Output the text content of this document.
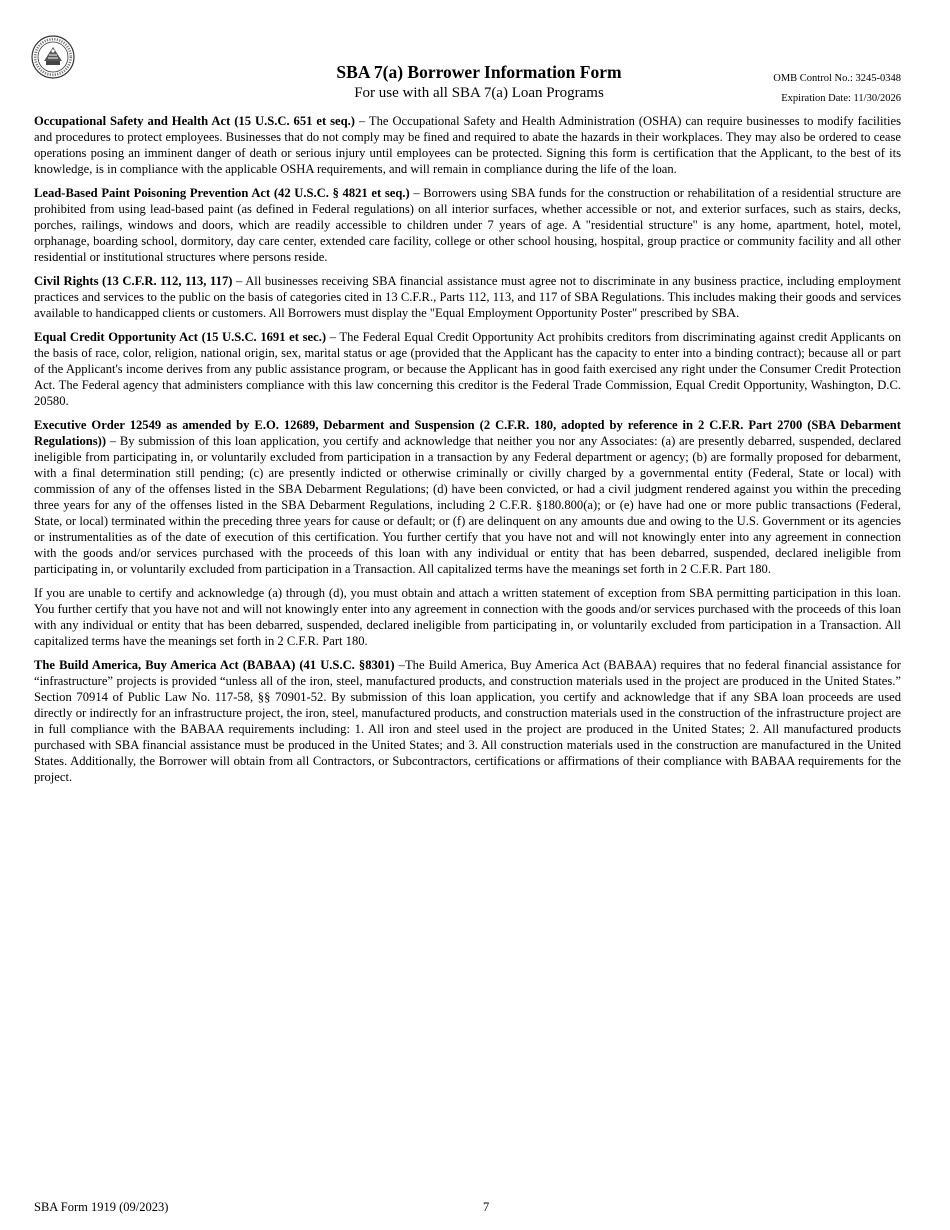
SBA 7(a) Borrower Information Form
For use with all SBA 7(a) Loan Programs
OMB Control No.: 3245-0348
Expiration Date: 11/30/2026

Occupational Safety and Health Act (15 U.S.C. 651 et seq.) – The Occupational Safety and Health Administration (OSHA) can require businesses to modify facilities and procedures to protect employees. Businesses that do not comply may be fined and required to abate the hazards in their workplaces. They may also be ordered to cease operations posing an imminent danger of death or serious injury until employees can be protected. Signing this form is certification that the Applicant, to the best of its knowledge, is in compliance with the applicable OSHA requirements, and will remain in compliance during the life of the loan.

Lead-Based Paint Poisoning Prevention Act (42 U.S.C. § 4821 et seq.) – Borrowers using SBA funds for the construction or rehabilitation of a residential structure are prohibited from using lead-based paint (as defined in Federal regulations) on all interior surfaces, whether accessible or not, and exterior surfaces, such as stairs, decks, porches, railings, windows and doors, which are readily accessible to children under 7 years of age. A "residential structure" is any home, apartment, hotel, motel, orphanage, boarding school, dormitory, day care center, extended care facility, college or other school housing, hospital, group practice or community facility and all other residential or institutional structures where persons reside.

Civil Rights (13 C.F.R. 112, 113, 117) – All businesses receiving SBA financial assistance must agree not to discriminate in any business practice, including employment practices and services to the public on the basis of categories cited in 13 C.F.R., Parts 112, 113, and 117 of SBA Regulations. This includes making their goods and services available to handicapped clients or customers. All Borrowers must display the "Equal Employment Opportunity Poster" prescribed by SBA.

Equal Credit Opportunity Act (15 U.S.C. 1691 et sec.) – The Federal Equal Credit Opportunity Act prohibits creditors from discriminating against credit Applicants on the basis of race, color, religion, national origin, sex, marital status or age (provided that the Applicant has the capacity to enter into a binding contract); because all or part of the Applicant's income derives from any public assistance program, or because the Applicant has in good faith exercised any right under the Consumer Credit Protection Act. The Federal agency that administers compliance with this law concerning this creditor is the Federal Trade Commission, Equal Credit Opportunity, Washington, D.C. 20580.

Executive Order 12549 as amended by E.O. 12689, Debarment and Suspension (2 C.F.R. 180, adopted by reference in 2 C.F.R. Part 2700 (SBA Debarment Regulations)) – By submission of this loan application, you certify and acknowledge that neither you nor any Associates: (a) are presently debarred, suspended, declared ineligible from participating in, or voluntarily excluded from participation in a transaction by any Federal department or agency; (b) are formally proposed for debarment, with a final determination still pending; (c) are presently indicted or otherwise criminally or civilly charged by a governmental entity (Federal, State or local) with commission of any of the offenses listed in the SBA Debarment Regulations; (d) have been convicted, or had a civil judgment rendered against you within the preceding three years for any of the offenses listed in the SBA Debarment Regulations, including 2 C.F.R. §180.800(a); or (e) have had one or more public transactions (Federal, State, or local) terminated within the preceding three years for cause or default; or (f) are delinquent on any amounts due and owing to the U.S. Government or its agencies or instrumentalities as of the date of execution of this certification. You further certify that you have not and will not knowingly enter into any agreement in connection with the goods and/or services purchased with the proceeds of this loan with any individual or entity that has been debarred, suspended, declared ineligible from participating in, or voluntarily excluded from participation in a Transaction. All capitalized terms have the meanings set forth in 2 C.F.R. Part 180.

If you are unable to certify and acknowledge (a) through (d), you must obtain and attach a written statement of exception from SBA permitting participation in this loan. You further certify that you have not and will not knowingly enter into any agreement in connection with the goods and/or services purchased with the proceeds of this loan with any individual or entity that has been debarred, suspended, declared ineligible from participating in, or voluntarily excluded from participation in a Transaction. All capitalized terms have the meanings set forth in 2 C.F.R. Part 180.

The Build America, Buy America Act (BABAA) (41 U.S.C. §8301) –The Build America, Buy America Act (BABAA) requires that no federal financial assistance for “infrastructure” projects is provided “unless all of the iron, steel, manufactured products, and construction materials used in the project are produced in the United States.” Section 70914 of Public Law No. 117-58, §§ 70901-52. By submission of this loan application, you certify and acknowledge that if any SBA loan proceeds are used directly or indirectly for an infrastructure project, the iron, steel, manufactured products, and construction materials used in the construction of the infrastructure project are in full compliance with the BABAA requirements including: 1. All iron and steel used in the project are produced in the United States; 2. All manufactured products purchased with SBA financial assistance must be produced in the United States; and 3. All construction materials used in the construction are manufactured in the United States. Additionally, the Borrower will obtain from all Contractors, or Subcontractors, certifications or affirmations of their compliance with BABAA requirements for the project.

SBA Form 1919 (09/2023)	7
